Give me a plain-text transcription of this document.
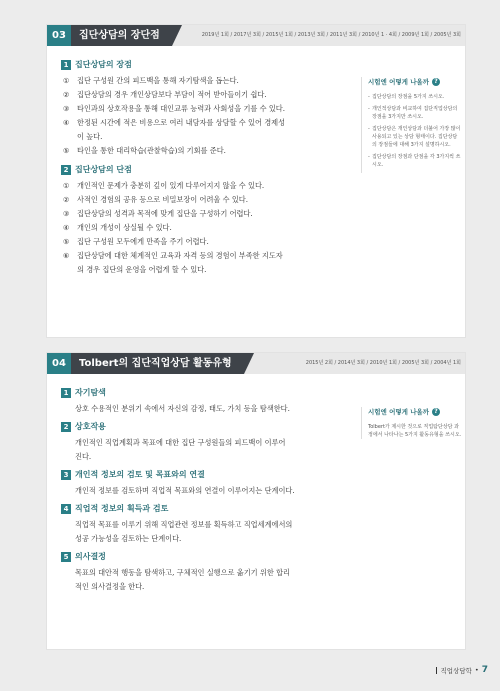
03	집단상담의 장단점	2019년 1회 / 2017년 3회 / 2015년 1회 / 2013년 3회 / 2011년 3회 / 2010년 1 · 4회 / 2009년 1회 / 2005년 3회
1 집단상담의 장점
①	집단 구성원 간의 피드백을 통해 자기탐색을 돕는다.
②	집단상담의 경우 개인상담보다 부담이 적어 받아들이기 쉽다.
③	타인과의 상호작용을 통해 대인교류 능력과 사회성을 기를 수 있다.
④	한정된 시간에 적은 비용으로 여러 내담자를 상담할 수 있어 경제성
이 높다.
⑤	타인을 통한 대리학습(관찰학습)의 기회를 준다.
2 집단상담의 단점
①	개인적인 문제가 충분히 깊이 있게 다루어지지 않을 수 있다.
②	사적인 경험의 공유 등으로 비밀보장이 어려울 수 있다.
③	집단상담의 성격과 목적에 맞게 집단을 구성하기 어렵다.
④	개인의 개성이 상실될 수 있다.
⑤	집단 구성원 모두에게 만족을 주기 어렵다.
⑥	집단상담에 대한 체계적인 교육과 자격 등의 경험이 부족한 지도자
의 경우 집단의 운영을 어렵게 할 수 있다.
시험엔 어떻게 나올까 ?
- 집단상담의 장점을 5가지 쓰시오.
- 개인적상담과 비교하여 집단직업상담의 장점을 3가지만 쓰시오.
- 집단상담은 개인상담과 더불어 가장 많이 사용되고 있는 상담 형태이다. 집단상담의 장점들에 대해 3가지 설명하시오.
- 집단상담의 장점과 단점을 각 3가지씩 쓰시오.
04	Tolbert의 집단직업상담 활동유형	2015년 2회 / 2014년 3회 / 2010년 1회 / 2005년 3회 / 2004년 1회
1 자기탐색
상호 수용적인 분위기 속에서 자신의 감정, 태도, 가치 등을 탐색한다.
2 상호작용
개인적인 직업계획과 목표에 대한 집단 구성원들의 피드백이 이루어
진다.
3 개인적 정보의 검토 및 목표와의 연결
개인적 정보를 검토하며 직업적 목표와의 연결이 이루어지는 단계이다.
4 직업적 정보의 획득과 검토
직업적 목표를 이루기 위해 직업관련 정보를 획득하고 직업세계에서의
성공 가능성을 검토하는 단계이다.
5 의사결정
목표의 대안적 행동을 탐색하고, 구체적인 실행으로 옮기기 위한 합리
적인 의사결정을 한다.
시험엔 어떻게 나올까 ?
Tolbert가 제시한 것으로 직업탐단상담 과정에서 나타나는 5가지 활동유형을 쓰시오.
직업상담학 • 7
